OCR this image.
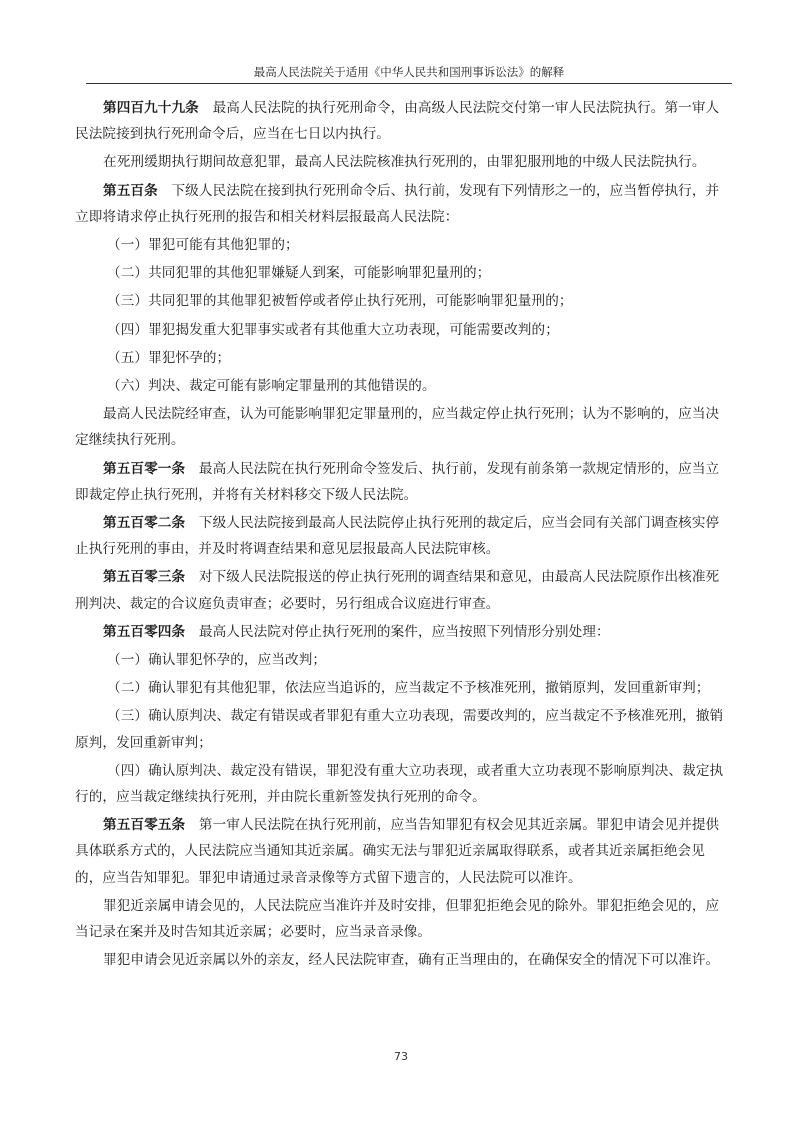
最高人民法院关于适用《中华人民共和国刑事诉讼法》的解释

第四百九十九条　 最高人民法院的执行死刑命令，由高级人民法院交付第一审人民法院执行。第一审人民法院接到执行死刑命令后，应当在七日以内执行。

在死刑缓期执行期间故意犯罪，最高人民法院核准执行死刑的，由罪犯服刑地的中级人民法院执行。

第五百条　 下级人民法院在接到执行死刑命令后、执行前，发现有下列情形之一的，应当暂停执行，并立即将请求停止执行死刑的报告和相关材料层报最高人民法院：

（一）罪犯可能有其他犯罪的；

（二）共同犯罪的其他犯罪嫌疑人到案，可能影响罪犯量刑的；

（三）共同犯罪的其他罪犯被暂停或者停止执行死刑，可能影响罪犯量刑的；

（四）罪犯揭发重大犯罪事实或者有其他重大立功表现，可能需要改判的；

（五）罪犯怀孕的；

（六）判决、裁定可能有影响定罪量刑的其他错误的。

最高人民法院经审查，认为可能影响罪犯定罪量刑的，应当裁定停止执行死刑；认为不影响的，应当决定继续执行死刑。

第五百零一条　 最高人民法院在执行死刑命令签发后、执行前，发现有前条第一款规定情形的，应当立即裁定停止执行死刑，并将有关材料移交下级人民法院。

第五百零二条　 下级人民法院接到最高人民法院停止执行死刑的裁定后，应当会同有关部门调查核实停止执行死刑的事由，并及时将调查结果和意见层报最高人民法院审核。

第五百零三条　 对下级人民法院报送的停止执行死刑的调查结果和意见，由最高人民法院原作出核准死刑判决、裁定的合议庭负责审查；必要时，另行组成合议庭进行审查。

第五百零四条　 最高人民法院对停止执行死刑的案件，应当按照下列情形分别处理：

（一）确认罪犯怀孕的，应当改判；

（二）确认罪犯有其他犯罪，依法应当追诉的，应当裁定不予核准死刑，撤销原判，发回重新审判；

（三）确认原判决、裁定有错误或者罪犯有重大立功表现，需要改判的，应当裁定不予核准死刑，撤销原判，发回重新审判；

（四）确认原判决、裁定没有错误，罪犯没有重大立功表现，或者重大立功表现不影响原判决、裁定执行的，应当裁定继续执行死刑，并由院长重新签发执行死刑的命令。

第五百零五条　 第一审人民法院在执行死刑前，应当告知罪犯有权会见其近亲属。罪犯申请会见并提供具体联系方式的，人民法院应当通知其近亲属。确实无法与罪犯近亲属取得联系，或者其近亲属拒绝会见的，应当告知罪犯。罪犯申请通过录音录像等方式留下遗言的，人民法院可以准许。

罪犯近亲属申请会见的，人民法院应当准许并及时安排，但罪犯拒绝会见的除外。罪犯拒绝会见的，应当记录在案并及时告知其近亲属；必要时，应当录音录像。

罪犯申请会见近亲属以外的亲友，经人民法院审查，确有正当理由的，在确保安全的情况下可以准许。

73
